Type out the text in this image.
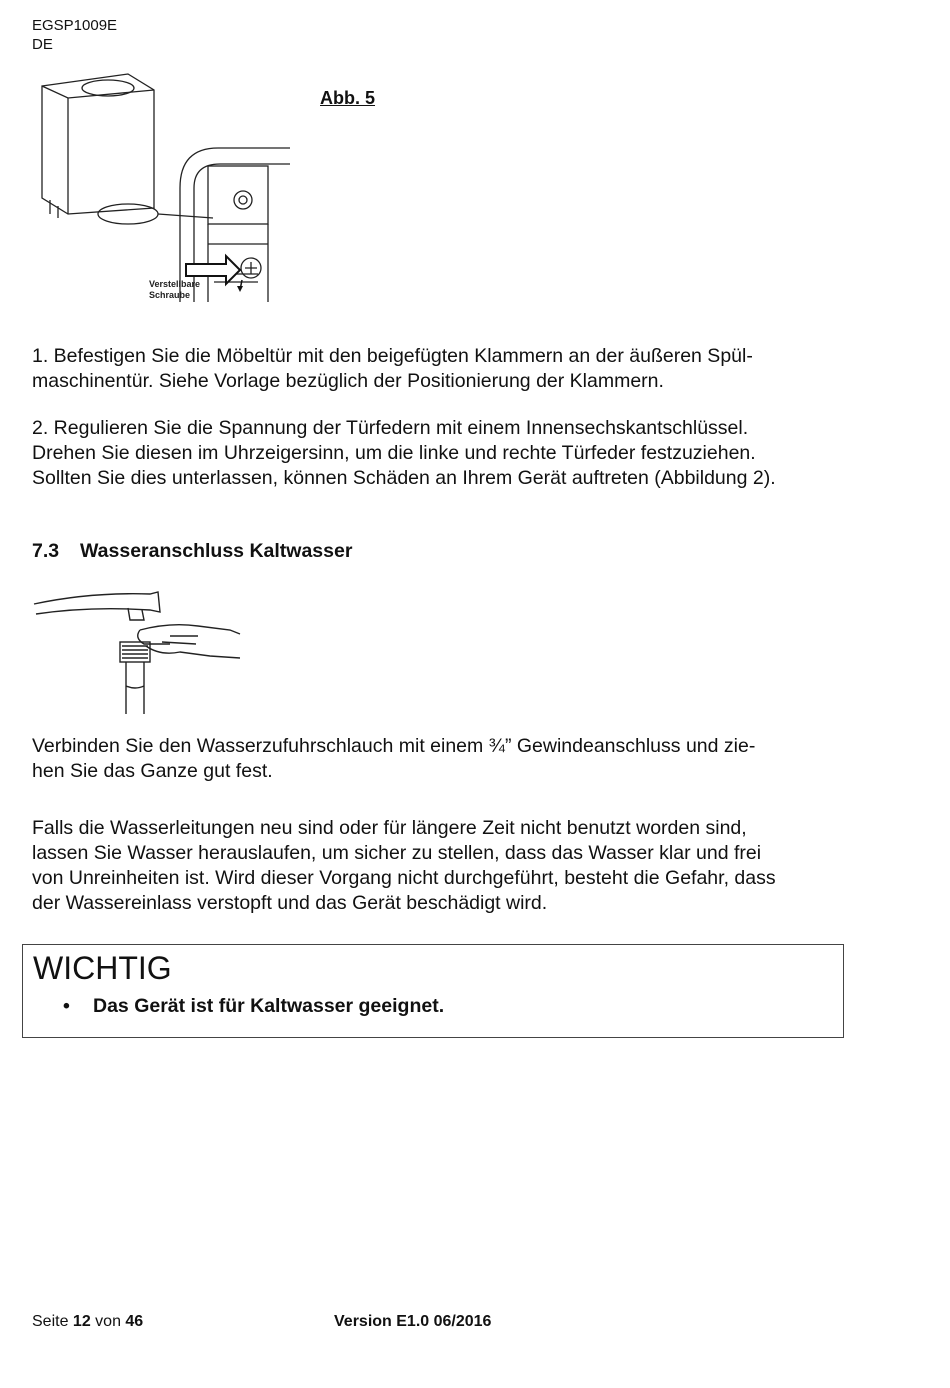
EGSP1009E
DE
Verstellbare
Schraube
Abb. 5

1. Befestigen Sie die Möbeltür mit den beigefügten Klammern an der äußeren Spül-
maschinentür. Siehe Vorlage bezüglich der Positionierung der Klammern.

2. Regulieren Sie die Spannung der Türfedern mit einem Innensechskantschlüssel.
Drehen Sie diesen im Uhrzeigersinn, um die linke und rechte Türfeder festzuziehen.
Sollten Sie dies unterlassen, können Schäden an Ihrem Gerät auftreten (Abbildung 2).

7.3 Wasseranschluss Kaltwasser

Verbinden Sie den Wasserzufuhrschlauch mit einem ¾” Gewindeanschluss und zie-
hen Sie das Ganze gut fest.

Falls die Wasserleitungen neu sind oder für längere Zeit nicht benutzt worden sind,
lassen Sie Wasser herauslaufen, um sicher zu stellen, dass das Wasser klar und frei
von Unreinheiten ist. Wird dieser Vorgang nicht durchgeführt, besteht die Gefahr, dass
der Wassereinlass verstopft und das Gerät beschädigt wird.

WICHTIG
• Das Gerät ist für Kaltwasser geeignet.
Seite 12 von 46	Version E1.0 06/2016
